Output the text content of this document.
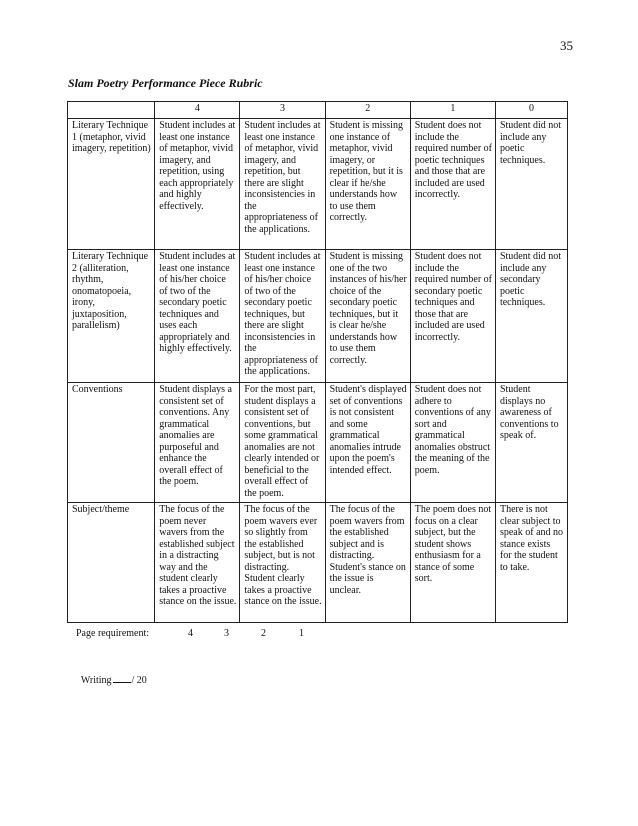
35
Slam Poetry Performance Piece Rubric
	4	3	2	1	0
Literary Technique 1 (metaphor, vivid imagery, repetition)	Student includes at least one instance of metaphor, vivid imagery, and repetition, using each appropriately and highly effectively.	Student includes at least one instance of metaphor, vivid imagery, and repetition, but there are slight inconsistencies in the appropriateness of the applications.	Student is missing one instance of metaphor, vivid imagery, or repetition, but it is clear if he/she understands how to use them correctly.	Student does not include the required number of poetic techniques and those that are included are used incorrectly.	Student did not include any poetic techniques.
Literary Technique 2 (alliteration, rhythm, onomatopoeia, irony, juxtaposition, parallelism)	Student includes at least one instance of his/her choice of two of the secondary poetic techniques and uses each appropriately and highly effectively.	Student includes at least one instance of his/her choice of two of the secondary poetic techniques, but there are slight inconsistencies in the appropriateness of the applications.	Student is missing one of the two instances of his/her choice of the secondary poetic techniques, but it is clear he/she understands how to use them correctly.	Student does not include the required number of secondary poetic techniques and those that are included are used incorrectly.	Student did not include any secondary poetic techniques.
Conventions	Student displays a consistent set of conventions. Any grammatical anomalies are purposeful and enhance the overall effect of the poem.	For the most part, student displays a consistent set of conventions, but some grammatical anomalies are not clearly intended or beneficial to the overall effect of the poem.	Student's displayed set of conventions is not consistent and some grammatical anomalies intrude upon the poem's intended effect.	Student does not adhere to conventions of any sort and grammatical anomalies obstruct the meaning of the poem.	Student displays no awareness of conventions to speak of.
Subject/theme	The focus of the poem never wavers from the established subject in a distracting way and the student clearly takes a proactive stance on the issue.	The focus of the poem wavers ever so slightly from the established subject, but is not distracting. Student clearly takes a proactive stance on the issue.	The focus of the poem wavers from the established subject and is distracting. Student's stance on the issue is unclear.	The poem does not focus on a clear subject, but the student shows enthusiasm for a stance of some sort.	There is not clear subject to speak of and no stance exists for the student to take.
Page requirement:	4	3	2	1

Writing / 20
